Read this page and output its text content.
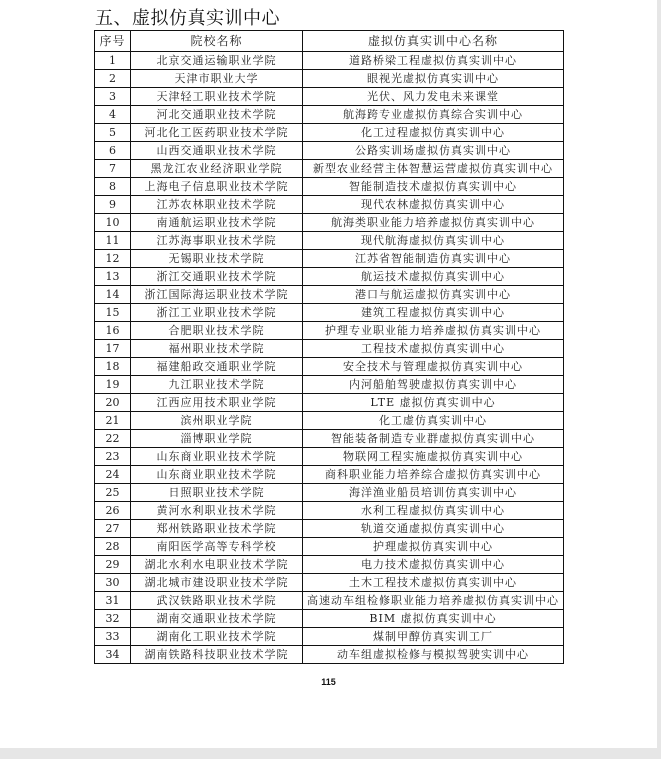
五、虚拟仿真实训中心
序号	院校名称	虚拟仿真实训中心名称
1	北京交通运输职业学院	道路桥梁工程虚拟仿真实训中心
2	天津市职业大学	眼视光虚拟仿真实训中心
3	天津轻工职业技术学院	光伏、风力发电未来课堂
4	河北交通职业技术学院	航海跨专业虚拟仿真综合实训中心
5	河北化工医药职业技术学院	化工过程虚拟仿真实训中心
6	山西交通职业技术学院	公路实训场虚拟仿真实训中心
7	黑龙江农业经济职业学院	新型农业经营主体智慧运营虚拟仿真实训中心
8	上海电子信息职业技术学院	智能制造技术虚拟仿真实训中心
9	江苏农林职业技术学院	现代农林虚拟仿真实训中心
10	南通航运职业技术学院	航海类职业能力培养虚拟仿真实训中心
11	江苏海事职业技术学院	现代航海虚拟仿真实训中心
12	无锡职业技术学院	江苏省智能制造仿真实训中心
13	浙江交通职业技术学院	航运技术虚拟仿真实训中心
14	浙江国际海运职业技术学院	港口与航运虚拟仿真实训中心
15	浙江工业职业技术学院	建筑工程虚拟仿真实训中心
16	合肥职业技术学院	护理专业职业能力培养虚拟仿真实训中心
17	福州职业技术学院	工程技术虚拟仿真实训中心
18	福建船政交通职业学院	安全技术与管理虚拟仿真实训中心
19	九江职业技术学院	内河船舶驾驶虚拟仿真实训中心
20	江西应用技术职业学院	LTE 虚拟仿真实训中心
21	滨州职业学院	化工虚仿真实训中心
22	淄博职业学院	智能装备制造专业群虚拟仿真实训中心
23	山东商业职业技术学院	物联网工程实施虚拟仿真实训中心
24	山东商业职业技术学院	商科职业能力培养综合虚拟仿真实训中心
25	日照职业技术学院	海洋渔业船员培训仿真实训中心
26	黄河水利职业技术学院	水利工程虚拟仿真实训中心
27	郑州铁路职业技术学院	轨道交通虚拟仿真实训中心
28	南阳医学高等专科学校	护理虚拟仿真实训中心
29	湖北水利水电职业技术学院	电力技术虚拟仿真实训中心
30	湖北城市建设职业技术学院	土木工程技术虚拟仿真实训中心
31	武汉铁路职业技术学院	高速动车组检修职业能力培养虚拟仿真实训中心
32	湖南交通职业技术学院	BIM 虚拟仿真实训中心
33	湖南化工职业技术学院	煤制甲醇仿真实训工厂
34	湖南铁路科技职业技术学院	动车组虚拟检修与模拟驾驶实训中心
115
